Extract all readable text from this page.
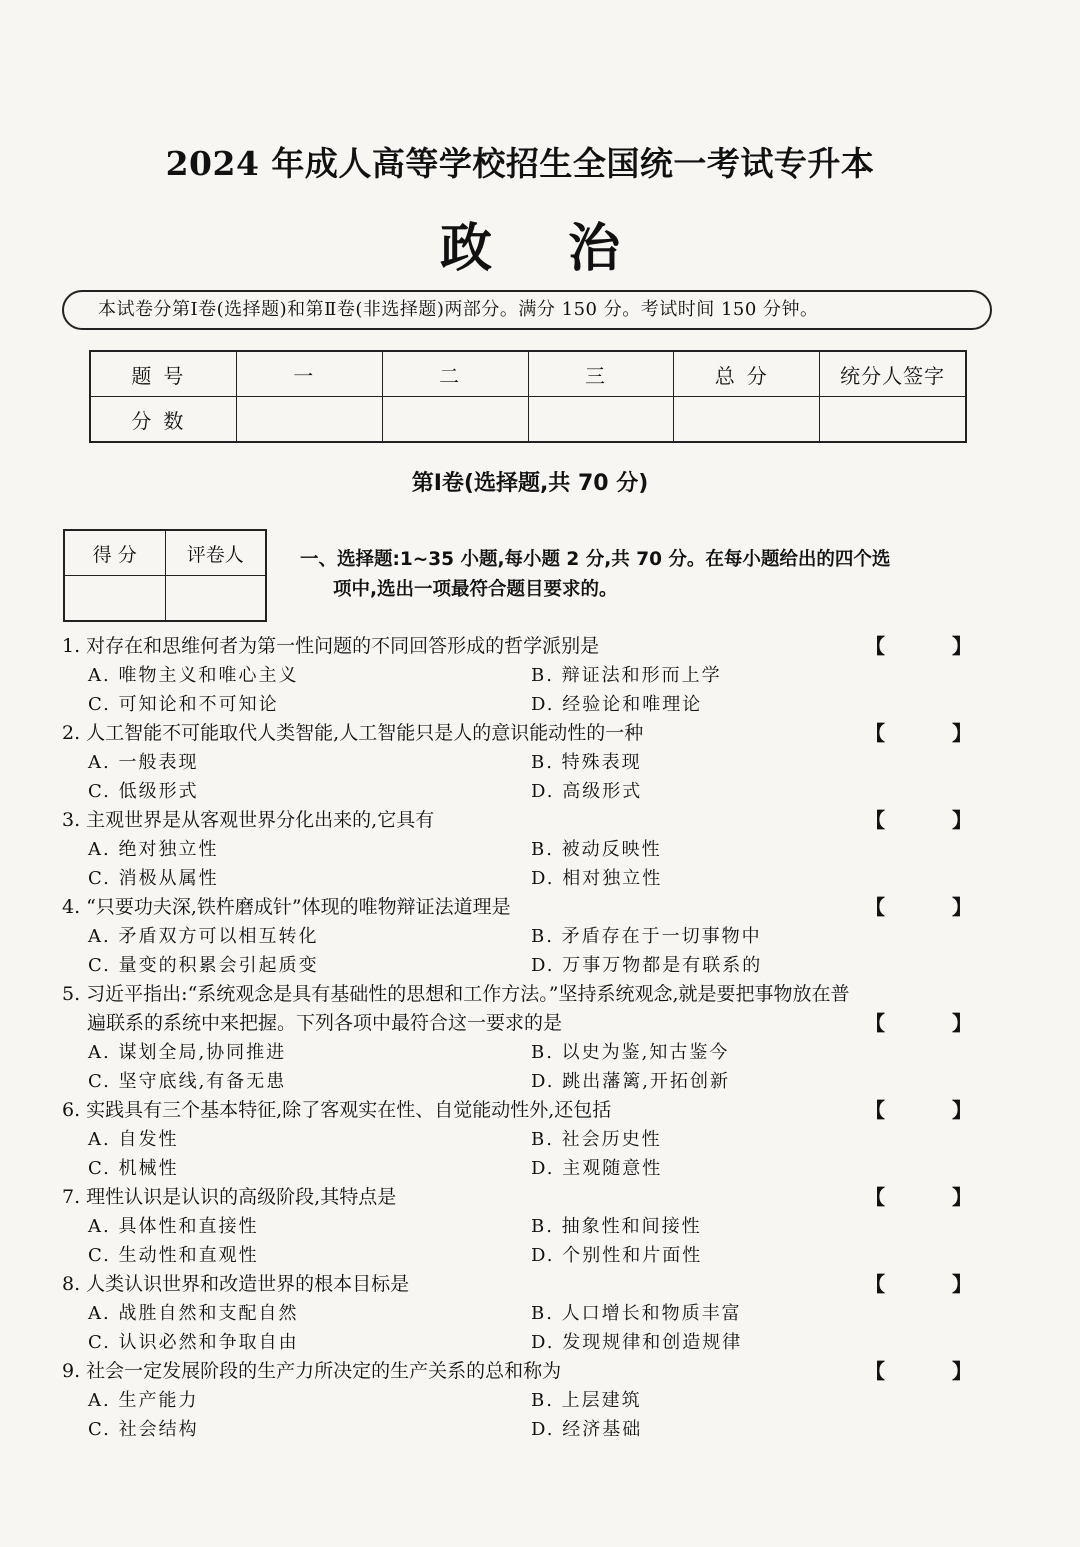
2024 年成人高等学校招生全国统一考试专升本
政 治
本试卷分第Ⅰ卷(选择题)和第Ⅱ卷(非选择题)两部分。满分 150 分。考试时间 150 分钟。
题号	一	二	三	总分	统分人签字
分数					
第Ⅰ卷(选择题,共 70 分)
得 分	评卷人
		一、选择题:1~35 小题,每小题 2 分,共 70 分。在每小题给出的四个选
项中,选出一项最符合题目要求的。
1. 对存在和思维何者为第一性问题的不同回答形成的哲学派别是	【 】
A. 唯物主义和唯心主义	B. 辩证法和形而上学
C. 可知论和不可知论	D. 经验论和唯理论
2. 人工智能不可能取代人类智能,人工智能只是人的意识能动性的一种	【 】
A. 一般表现	B. 特殊表现
C. 低级形式	D. 高级形式
3. 主观世界是从客观世界分化出来的,它具有	【 】
A. 绝对独立性	B. 被动反映性
C. 消极从属性	D. 相对独立性
4. “只要功夫深,铁杵磨成针”体现的唯物辩证法道理是	【 】
A. 矛盾双方可以相互转化	B. 矛盾存在于一切事物中
C. 量变的积累会引起质变	D. 万事万物都是有联系的
5. 习近平指出:“系统观念是具有基础性的思想和工作方法。”坚持系统观念,就是要把事物放在普
遍联系的系统中来把握。下列各项中最符合这一要求的是	【 】
A. 谋划全局,协同推进	B. 以史为鉴,知古鉴今
C. 坚守底线,有备无患	D. 跳出藩篱,开拓创新
6. 实践具有三个基本特征,除了客观实在性、自觉能动性外,还包括	【 】
A. 自发性	B. 社会历史性
C. 机械性	D. 主观随意性
7. 理性认识是认识的高级阶段,其特点是	【 】
A. 具体性和直接性	B. 抽象性和间接性
C. 生动性和直观性	D. 个别性和片面性
8. 人类认识世界和改造世界的根本目标是	【 】
A. 战胜自然和支配自然	B. 人口增长和物质丰富
C. 认识必然和争取自由	D. 发现规律和创造规律
9. 社会一定发展阶段的生产力所决定的生产关系的总和称为	【 】
A. 生产能力	B. 上层建筑
C. 社会结构	D. 经济基础
